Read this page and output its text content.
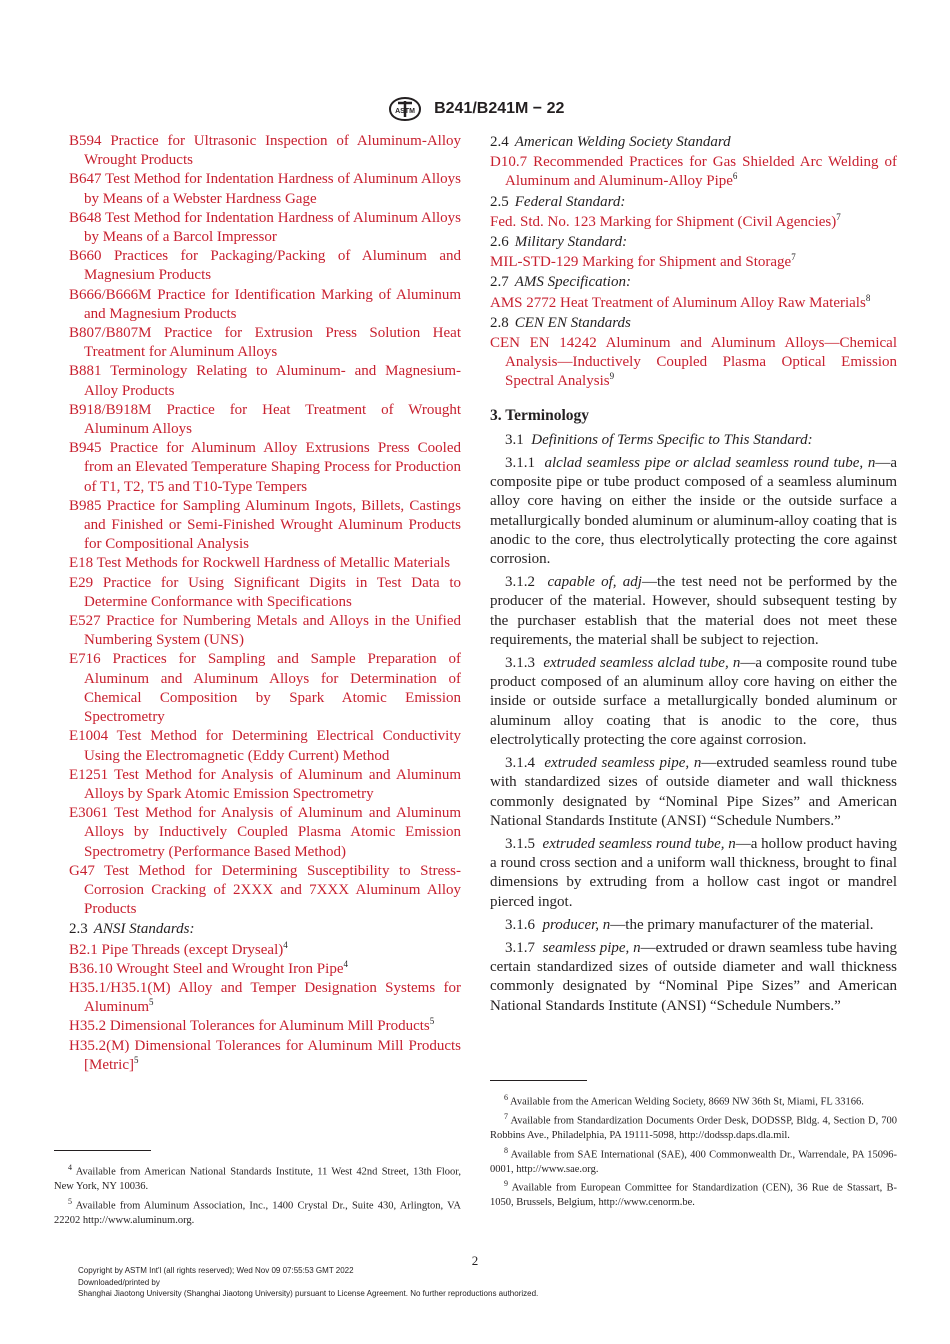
ASTM B241/B241M − 22

B594 Practice for Ultrasonic Inspection of Aluminum-Alloy Wrought Products

B647 Test Method for Indentation Hardness of Aluminum Alloys by Means of a Webster Hardness Gage

B648 Test Method for Indentation Hardness of Aluminum Alloys by Means of a Barcol Impressor

B660 Practices for Packaging/Packing of Aluminum and Magnesium Products

B666/B666M Practice for Identification Marking of Aluminum and Magnesium Products

B807/B807M Practice for Extrusion Press Solution Heat Treatment for Aluminum Alloys

B881 Terminology Relating to Aluminum- and Magnesium-Alloy Products

B918/B918M Practice for Heat Treatment of Wrought Aluminum Alloys

B945 Practice for Aluminum Alloy Extrusions Press Cooled from an Elevated Temperature Shaping Process for Production of T1, T2, T5 and T10-Type Tempers

B985 Practice for Sampling Aluminum Ingots, Billets, Castings and Finished or Semi-Finished Wrought Aluminum Products for Compositional Analysis

E18 Test Methods for Rockwell Hardness of Metallic Materials

E29 Practice for Using Significant Digits in Test Data to Determine Conformance with Specifications

E527 Practice for Numbering Metals and Alloys in the Unified Numbering System (UNS)

E716 Practices for Sampling and Sample Preparation of Aluminum and Aluminum Alloys for Determination of Chemical Composition by Spark Atomic Emission Spectrometry

E1004 Test Method for Determining Electrical Conductivity Using the Electromagnetic (Eddy Current) Method

E1251 Test Method for Analysis of Aluminum and Aluminum Alloys by Spark Atomic Emission Spectrometry

E3061 Test Method for Analysis of Aluminum and Aluminum Alloys by Inductively Coupled Plasma Atomic Emission Spectrometry (Performance Based Method)

G47 Test Method for Determining Susceptibility to Stress-Corrosion Cracking of 2XXX and 7XXX Aluminum Alloy Products

2.3 ANSI Standards:

B2.1 Pipe Threads (except Dryseal)$^4$

B36.10 Wrought Steel and Wrought Iron Pipe$^4$

H35.1/H35.1(M) Alloy and Temper Designation Systems for Aluminum$^5$

H35.2 Dimensional Tolerances for Aluminum Mill Products$^5$

H35.2(M) Dimensional Tolerances for Aluminum Mill Products [Metric]$^5$

2.4 American Welding Society Standard

D10.7 Recommended Practices for Gas Shielded Arc Welding of Aluminum and Aluminum-Alloy Pipe$^6$

2.5 Federal Standard:

Fed. Std. No. 123 Marking for Shipment (Civil Agencies)$^7$

2.6 Military Standard:

MIL-STD-129 Marking for Shipment and Storage$^7$

2.7 AMS Specification:

AMS 2772 Heat Treatment of Aluminum Alloy Raw Materials$^8$

2.8 CEN EN Standards

CEN EN 14242 Aluminum and Aluminum Alloys—Chemical Analysis—Inductively Coupled Plasma Optical Emission Spectral Analysis$^9$

3. Terminology

3.1 Definitions of Terms Specific to This Standard:

3.1.1 alclad seamless pipe or alclad seamless round tube, n—a composite pipe or tube product composed of a seamless aluminum alloy core having on either the inside or the outside surface a metallurgically bonded aluminum or aluminum-alloy coating that is anodic to the core, thus electrolytically protecting the core against corrosion.

3.1.2 capable of, adj—the test need not be performed by the producer of the material. However, should subsequent testing by the purchaser establish that the material does not meet these requirements, the material shall be subject to rejection.

3.1.3 extruded seamless alclad tube, n—a composite round tube product composed of an aluminum alloy core having on either the inside or outside surface a metallurgically bonded aluminum or aluminum alloy coating that is anodic to the core, thus electrolytically protecting the core against corrosion.

3.1.4 extruded seamless pipe, n—extruded seamless round tube with standardized sizes of outside diameter and wall thickness commonly designated by “Nominal Pipe Sizes” and American National Standards Institute (ANSI) “Schedule Numbers.”

3.1.5 extruded seamless round tube, n—a hollow product having a round cross section and a uniform wall thickness, brought to final dimensions by extruding from a hollow cast ingot or mandrel pierced ingot.

3.1.6 producer, n—the primary manufacturer of the material.

3.1.7 seamless pipe, n—extruded or drawn seamless tube having certain standardized sizes of outside diameter and wall thickness commonly designated by “Nominal Pipe Sizes” and American National Standards Institute (ANSI) “Schedule Numbers.”

$^4$ Available from American National Standards Institute, 11 West 42nd Street, 13th Floor, New York, NY 10036.

$^5$ Available from Aluminum Association, Inc., 1400 Crystal Dr., Suite 430, Arlington, VA 22202 http://www.aluminum.org.

$^6$ Available from the American Welding Society, 8669 NW 36th St, Miami, FL 33166.

$^7$ Available from Standardization Documents Order Desk, DODSSP, Bldg. 4, Section D, 700 Robbins Ave., Philadelphia, PA 19111-5098, http://dodssp.daps.dla.mil.

$^8$ Available from SAE International (SAE), 400 Commonwealth Dr., Warrendale, PA 15096-0001, http://www.sae.org.

$^9$ Available from European Committee for Standardization (CEN), 36 Rue de Stassart, B-1050, Brussels, Belgium, http://www.cenorm.be.

2
Copyright by ASTM Int'l (all rights reserved); Wed Nov 09 07:55:53 GMT 2022
Downloaded/printed by
Shanghai Jiaotong University (Shanghai Jiaotong University) pursuant to License Agreement. No further reproductions authorized.
